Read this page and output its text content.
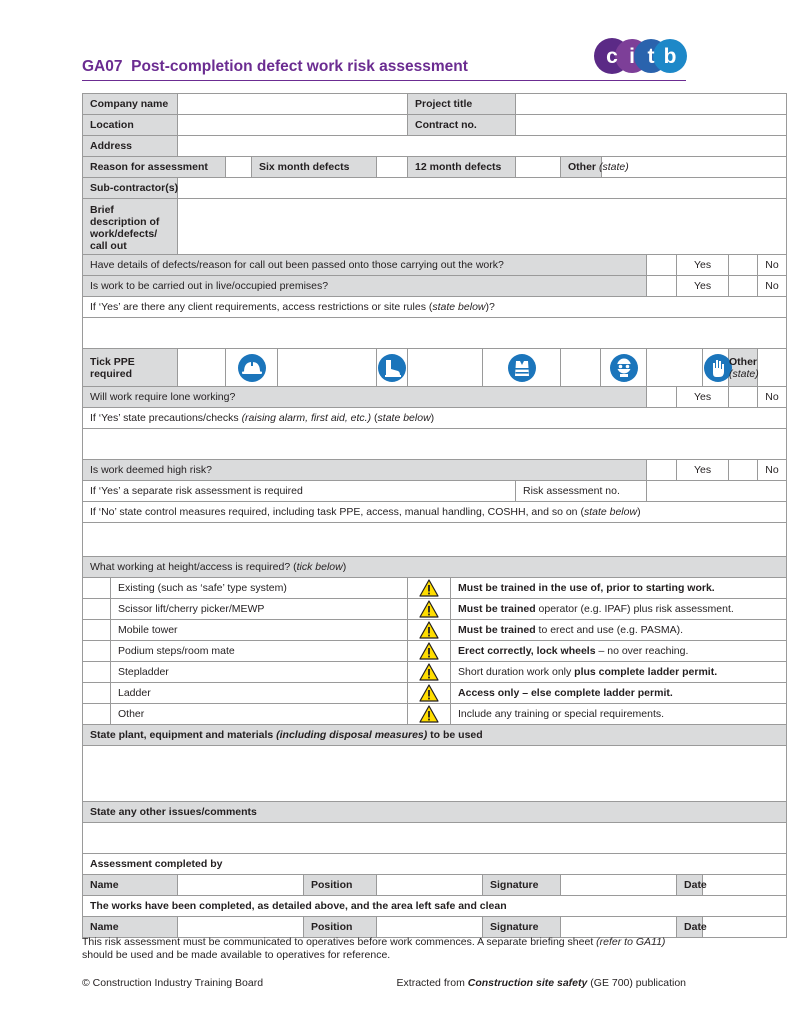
GA07 Post-completion defect work risk assessment	c i t b
Company name								Project title										
Location								Contract no.										
Address																		
Reason for assessment				Six month defects				12 month defects				Other (state)						
Sub-contractor(s)																		
Brief description of work/defects/ call out																		
Have details of defects/reason for call out been passed onto those carrying out the work?															Yes			No
Is work to be carried out in live/occupied premises?															Yes			No
If ‘Yes’ are there any client requirements, access restrictions or site rules (state below)?																		

Tick PPE required																	Other
(state)	
Will work require lone working?															Yes			No
If ‘Yes’ state precautions/checks (raising alarm, first aid, etc.) (state below)																		

Is work deemed high risk?															Yes			No
If ‘Yes’ a separate risk assessment is required											Risk assessment no.							
If ‘No’ state control measures required, including task PPE, access, manual handling, COSHH, and so on (state below)																		

What working at height/access is required? (tick below)																		
	Existing (such as ‘safe’ type system)								Must be trained in the use of, prior to starting work.									
	Scissor lift/cherry picker/MEWP								Must be trained operator (e.g. IPAF) plus risk assessment.									
	Mobile tower								Must be trained to erect and use (e.g. PASMA).									
	Podium steps/room mate								Erect correctly, lock wheels – no over reaching.									
	Stepladder								Short duration work only plus complete ladder permit.									
	Ladder								Access only – else complete ladder permit.									
	Other								Include any training or special requirements.									
State plant, equipment and materials (including disposal measures) to be used																		

State any other issues/comments																		

Assessment completed by																		
Name						Position				Signature					Date			
The works have been completed, as detailed above, and the area left safe and clean																		
Name						Position				Signature					Date			
This risk assessment must be communicated to operatives before work commences. A separate briefing sheet (refer to GA11) should be used and be made available to operatives for reference.
© Construction Industry Training Board	Extracted from Construction site safety (GE 700) publication
